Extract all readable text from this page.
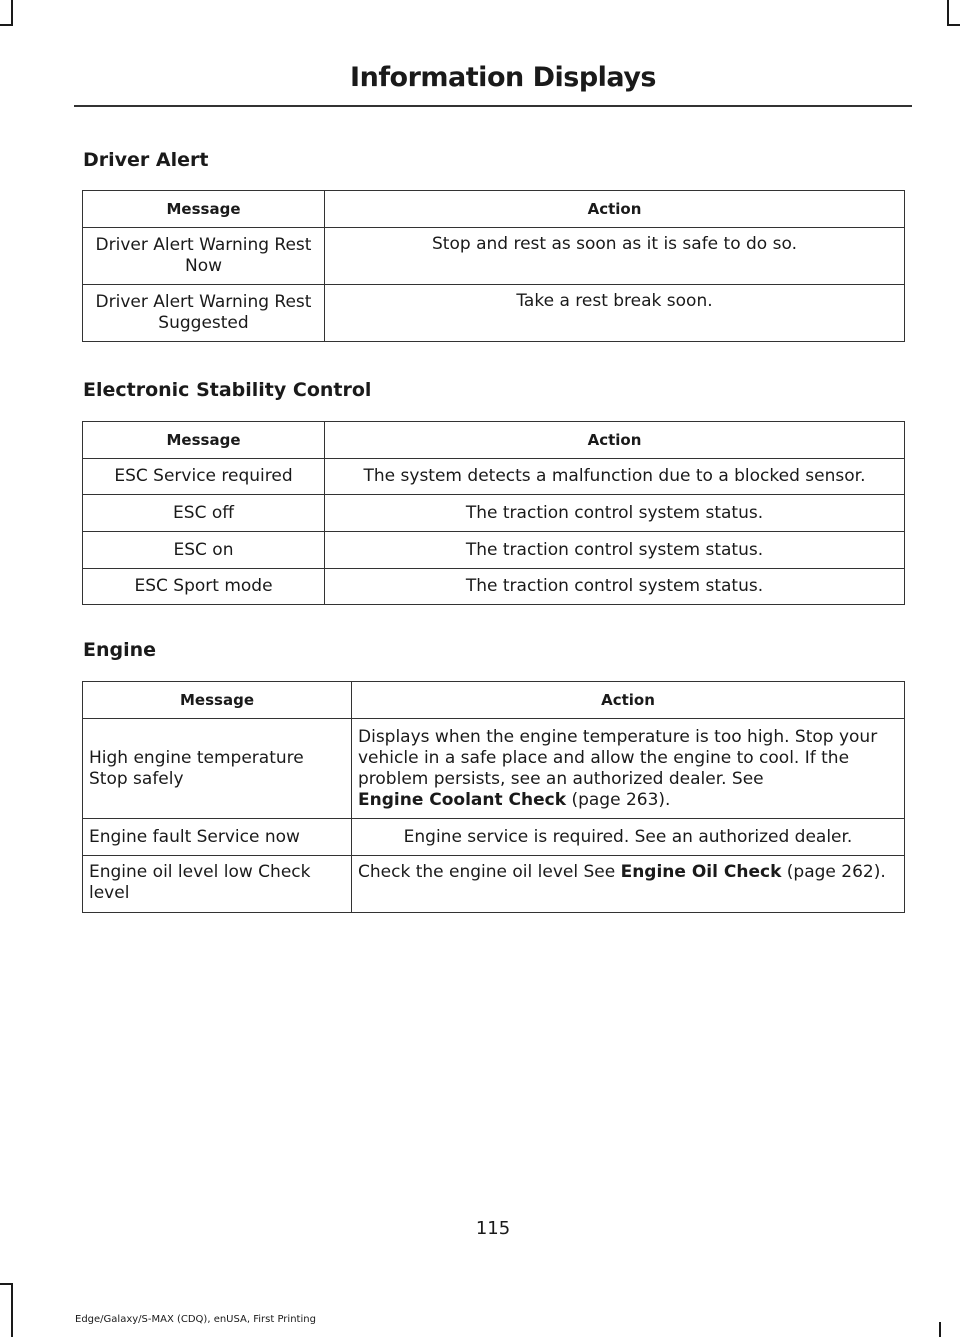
Information Displays
Driver Alert
Message	Action
Driver Alert Warning Rest Now	Stop and rest as soon as it is safe to do so.
Driver Alert Warning Rest Suggested	Take a rest break soon.
Electronic Stability Control
Message	Action
ESC Service required	The system detects a malfunction due to a blocked sensor.
ESC off	The traction control system status.
ESC on	The traction control system status.
ESC Sport mode	The traction control system status.
Engine
Message	Action
High engine temperature Stop safely	Displays when the engine temperature is too high. Stop your vehicle in a safe place and allow the engine to cool. If the problem persists, see an authorized dealer. See
Engine Coolant Check (page 263).
Engine fault Service now	Engine service is required. See an authorized dealer.
Engine oil level low Check level	Check the engine oil level See Engine Oil Check (page 262).
115
Edge/Galaxy/S-MAX (CDQ), enUSA, First Printing
